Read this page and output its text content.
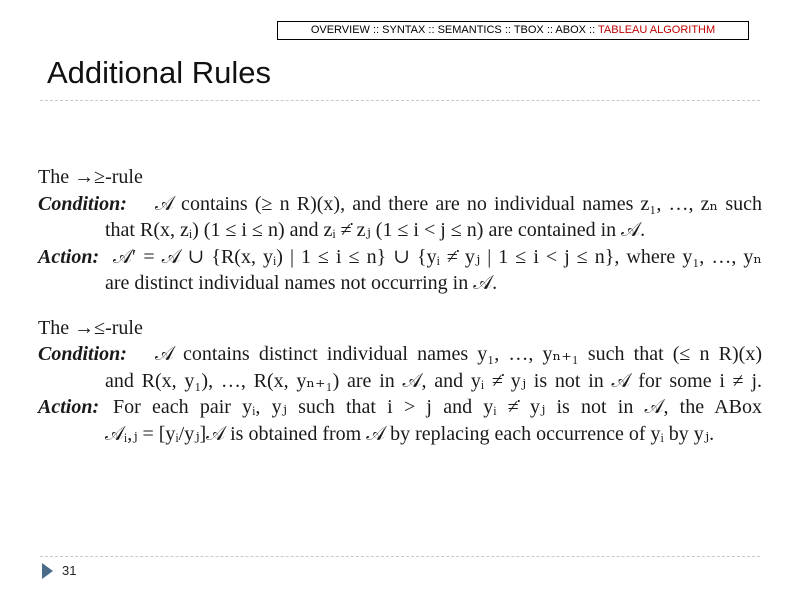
OVERVIEW :: SYNTAX :: SEMANTICS :: TBOX :: ABOX :: TABLEAU ALGORITHM
Additional Rules
The →≥-rule
Condition:	𝒜 contains (≥ n R)(x), and there are no individual names z₁, …, zₙ such
that R(x, zᵢ) (1 ≤ i ≤ n) and zᵢ ≠̇ zⱼ (1 ≤ i < j ≤ n) are contained in 𝒜.
Action: 𝒜′ = 𝒜 ∪ {R(x, yᵢ) | 1 ≤ i ≤ n} ∪ {yᵢ ≠̇ yⱼ | 1 ≤ i < j ≤ n}, where y₁, …, yₙ
are distinct individual names not occurring in 𝒜.
The →≤-rule
Condition:	𝒜 contains distinct individual names y₁, …, yₙ₊₁ such that (≤ n R)(x)
and R(x, y₁), …, R(x, yₙ₊₁) are in 𝒜, and yᵢ ≠̇ yⱼ is not in 𝒜 for some i ≠ j.
Action: For each pair yᵢ, yⱼ such that i > j and yᵢ ≠̇ yⱼ is not in 𝒜, the ABox
𝒜ᵢ,ⱼ = [yᵢ/yⱼ]𝒜 is obtained from 𝒜 by replacing each occurrence of yᵢ by yⱼ.
31
